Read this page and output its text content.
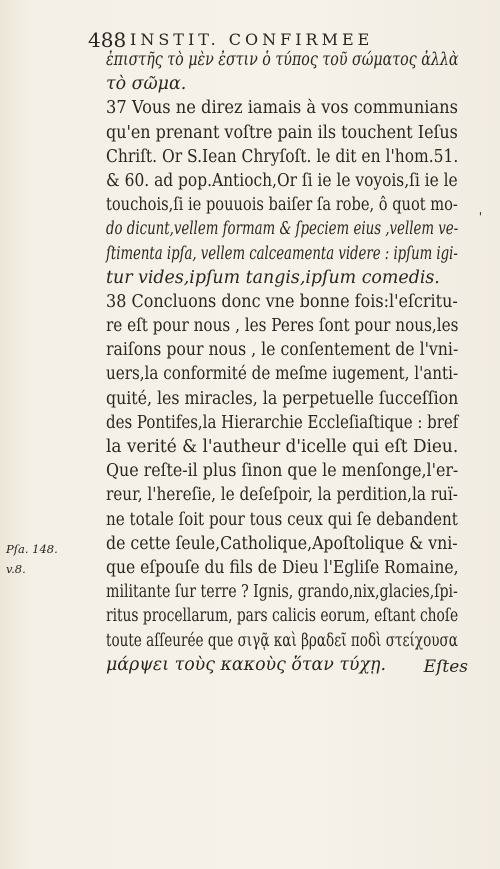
488 INSTIT. CONFIRMEE
ἐπιστῆς τὸ μὲν ἐστιν ὁ τύπος τοῦ σώματος ἀλλὰ
τὸ σῶμα.
37 Vous ne direz iamais à vos communians
qu'en prenant voſtre pain ils touchent Ieſus
Chriſt. Or S.Iean Chryſoſt. le dit en l'hom.51.
& 60. ad pop.Antioch,Or ſi ie le voyois,ſi ie le
touchois,ſi ie pouuois baiſer ſa robe, ô quot mo-
do dicunt,vellem formam & ſpeciem eius ,vellem ve-
ſtimenta ipſa, vellem calceamenta videre : ipſum igi-
tur vides,ipſum tangis,ipſum comedis.
38 Concluons donc vne bonne fois:l'eſcritu-
re eſt pour nous , les Peres ſont pour nous,les
raiſons pour nous , le conſentement de l'vni-
uers,la conformité de meſme iugement, l'anti-
quité, les miracles, la perpetuelle ſucceſſion
des Pontifes,la Hierarchie Eccleſiaſtique : bref
la verité & l'autheur d'icelle qui eſt Dieu.
Que reſte-il plus ſinon que le menſonge,l'er-
reur, l'hereſie, le deſeſpoir, la perdition,la ruï-
ne totale ſoit pour tous ceux qui ſe debandent
de cette ſeule,Catholique,Apoſtolique & vni-
que eſpouſe du fils de Dieu l'Egliſe Romaine,
militante ſur terre ? Ignis, grando,nix,glacies,ſpi-
ritus procellarum, pars calicis eorum, eſtant choſe
toute aſſeurée que σιγᾷ καὶ βραδεῖ ποδὶ στείχουσα
μάρψει τοὺς κακοὺς ὅταν τύχῃ.
Pſa. 148.
v.8.
'
Eſtes
